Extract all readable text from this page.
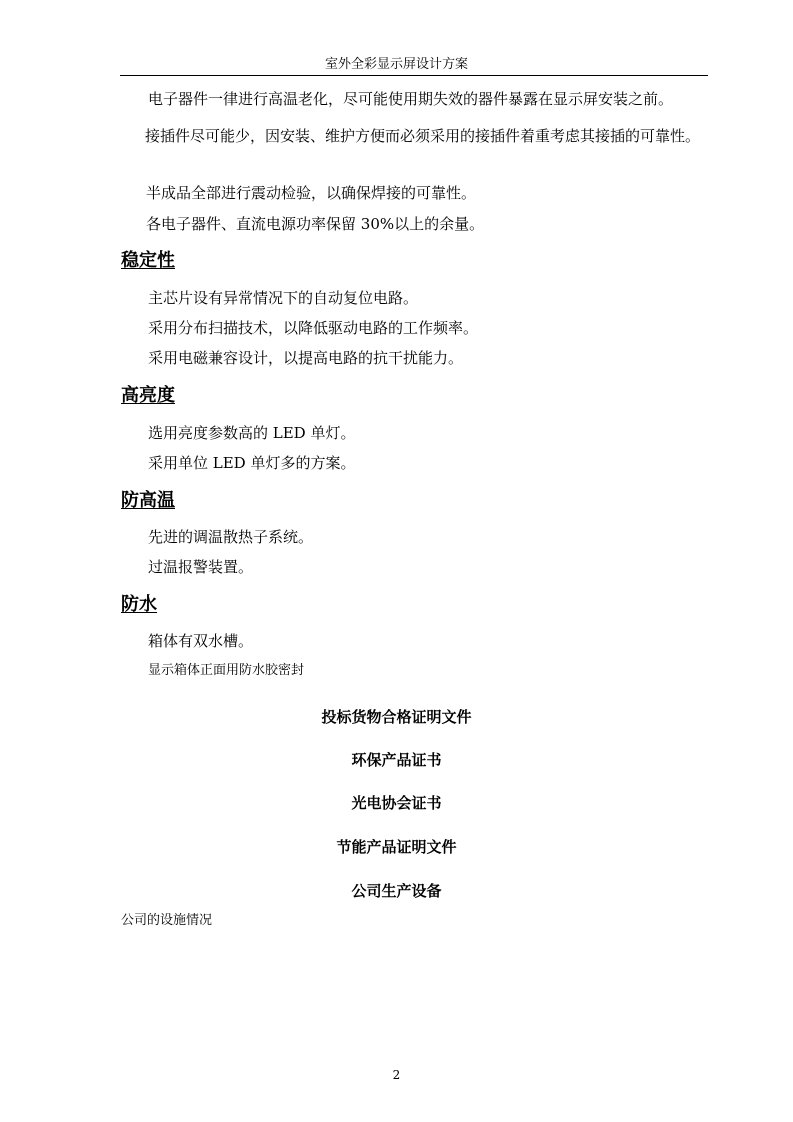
室外全彩显示屏设计方案
电子器件一律进行高温老化，尽可能使用期失效的器件暴露在显示屏安装之前。
接插件尽可能少，因安装、维护方便而必须采用的接插件着重考虑其接插的可靠性。
半成品全部进行震动检验，以确保焊接的可靠性。
各电子器件、直流电源功率保留 30%以上的余量。
稳定性
主芯片设有异常情况下的自动复位电路。
采用分布扫描技术，以降低驱动电路的工作频率。
采用电磁兼容设计，以提高电路的抗干扰能力。
高亮度
选用亮度参数高的 LED 单灯。
采用单位 LED 单灯多的方案。
防高温
先进的调温散热子系统。
过温报警装置。
防水
箱体有双水槽。
显示箱体正面用防水胶密封
投标货物合格证明文件
环保产品证书
光电协会证书
节能产品证明文件
公司生产设备
公司的设施情况
2
